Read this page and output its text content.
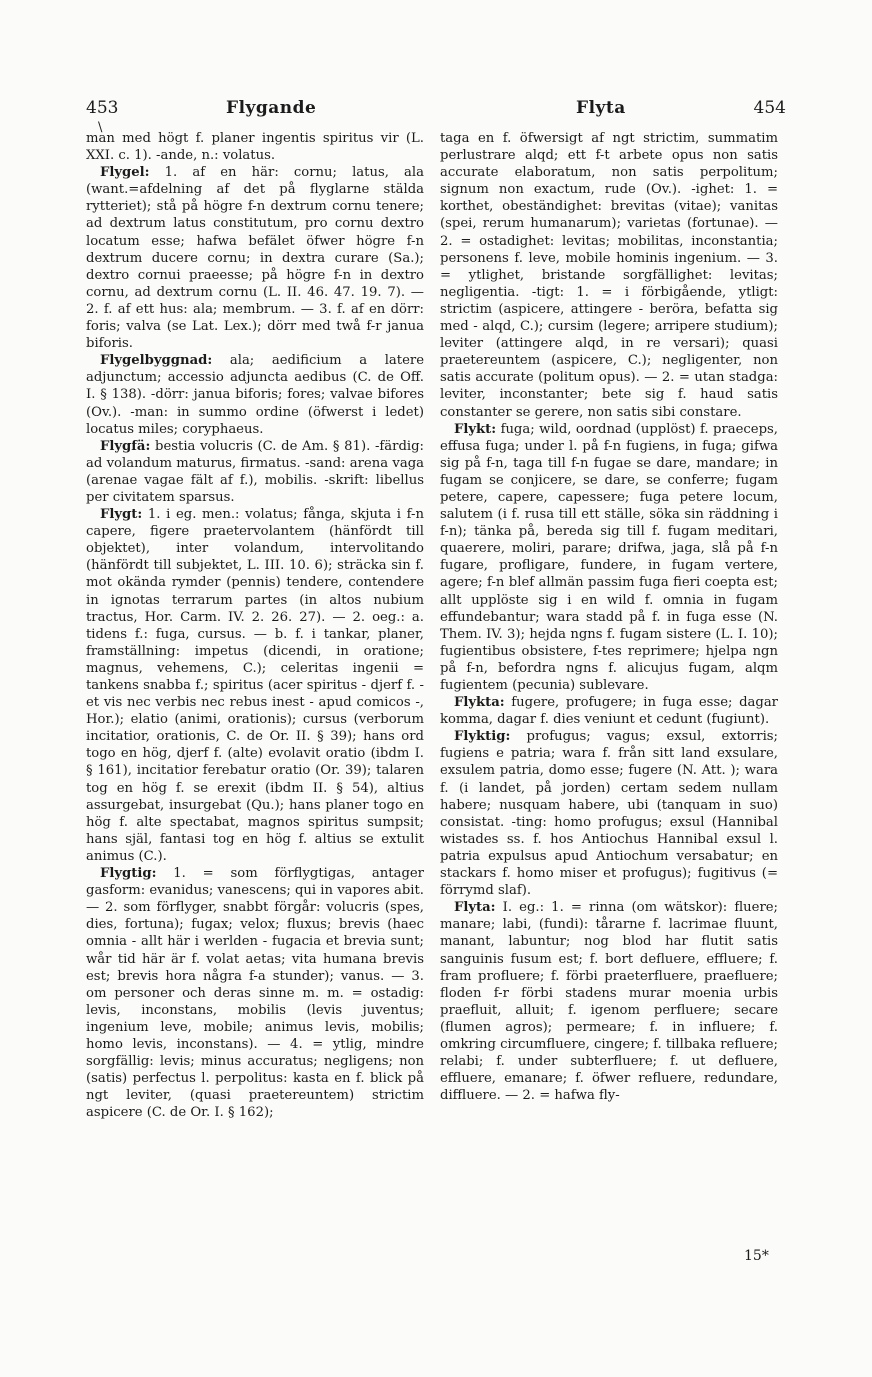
453	Flygande	Flyta	454
\

man med högt f. planer ingentis spiritus vir (L. XXI. c. 1). -ande, n.: volatus.

Flygel: 1. af en här: cornu; latus, ala (want.=afdelning af det på flyglarne stälda rytteriet); stå på högre f-n dextrum cornu tenere; ad dextrum latus constitutum, pro cornu dextro locatum esse; hafwa befälet öfwer högre f-n dextrum ducere cornu; in dextra curare (Sa.); dextro cornui praeesse; på högre f-n in dextro cornu, ad dextrum cornu (L. II. 46. 47. 19. 7). — 2. f. af ett hus: ala; membrum. — 3. f. af en dörr: foris; valva (se Lat. Lex.); dörr med twå f-r janua biforis.

Flygelbyggnad: ala; aedificium a latere adjunctum; accessio adjuncta aedibus (C. de Off. I. § 138). -dörr: janua biforis; fores; valvae bifores (Ov.). -man: in summo ordine (öfwerst i ledet) locatus miles; coryphaeus.

Flygfä: bestia volucris (C. de Am. § 81). -färdig: ad volandum maturus, firmatus. -sand: arena vaga (arenae vagae fält af f.), mobilis. -skrift: libellus per civitatem sparsus.

Flygt: 1. i eg. men.: volatus; fånga, skjuta i f-n capere, figere praetervolantem (hänfördt till objektet), inter volandum, intervolitando (hänfördt till subjektet, L. III. 10. 6); sträcka sin f. mot okända rymder (pennis) tendere, contendere in ignotas terrarum partes (in altos nubium tractus, Hor. Carm. IV. 2. 26. 27). — 2. oeg.: a. tidens f.: fuga, cursus. — b. f. i tankar, planer, framställning: impetus (dicendi, in oratione; magnus, vehemens, C.); celeritas ingenii = tankens snabba f.; spiritus (acer spiritus - djerf f. - et vis nec verbis nec rebus inest - apud comicos -, Hor.); elatio (animi, orationis); cursus (verborum incitatior, orationis, C. de Or. II. § 39); hans ord togo en hög, djerf f. (alte) evolavit oratio (ibdm I. § 161), incitatior ferebatur oratio (Or. 39); talaren tog en hög f. se erexit (ibdm II. § 54), altius assurgebat, insurgebat (Qu.); hans planer togo en hög f. alte spectabat, magnos spiritus sumpsit; hans själ, fantasi tog en hög f. altius se extulit animus (C.).

Flygtig: 1. = som förflygtigas, antager gasform: evanidus; vanescens; qui in vapores abit. — 2. som förflyger, snabbt förgår: volucris (spes, dies, fortuna); fugax; velox; fluxus; brevis (haec omnia - allt här i werlden - fugacia et brevia sunt; wår tid här är f. volat aetas; vita humana brevis est; brevis hora några f-a stunder); vanus. — 3. om personer och deras sinne m. m. = ostadig: levis, inconstans, mobilis (levis juventus; ingenium leve, mobile; animus levis, mobilis; homo levis, inconstans). — 4. = ytlig, mindre sorgfällig: levis; minus accuratus; negligens; non (satis) perfectus l. perpolitus: kasta en f. blick på ngt leviter, (quasi praetereuntem) strictim aspicere (C. de Or. I. § 162);

taga en f. öfwersigt af ngt strictim, summatim perlustrare alqd; ett f-t arbete opus non satis accurate elaboratum, non satis perpolitum; signum non exactum, rude (Ov.). -ighet: 1. = korthet, obeständighet: brevitas (vitae); vanitas (spei, rerum humanarum); varietas (fortunae). — 2. = ostadighet: levitas; mobilitas, inconstantia; personens f. leve, mobile hominis ingenium. — 3. = ytlighet, bristande sorgfällighet: levitas; negligentia. -tigt: 1. = i förbigående, ytligt: strictim (aspicere, attingere - beröra, befatta sig med - alqd, C.); cursim (legere; arripere studium); leviter (attingere alqd, in re versari); quasi praetereuntem (aspicere, C.); negligenter, non satis accurate (politum opus). — 2. = utan stadga: leviter, inconstanter; bete sig f. haud satis constanter se gerere, non satis sibi constare.

Flykt: fuga; wild, oordnad (upplöst) f. praeceps, effusa fuga; under l. på f-n fugiens, in fuga; gifwa sig på f-n, taga till f-n fugae se dare, mandare; in fugam se conjicere, se dare, se conferre; fugam petere, capere, capessere; fuga petere locum, salutem (i f. rusa till ett ställe, söka sin räddning i f-n); tänka på, bereda sig till f. fugam meditari, quaerere, moliri, parare; drifwa, jaga, slå på f-n fugare, profligare, fundere, in fugam vertere, agere; f-n blef allmän passim fuga fieri coepta est; allt upplöste sig i en wild f. omnia in fugam effundebantur; wara stadd på f. in fuga esse (N. Them. IV. 3); hejda ngns f. fugam sistere (L. I. 10); fugientibus obsistere, f-tes reprimere; hjelpa ngn på f-n, befordra ngns f. alicujus fugam, alqm fugientem (pecunia) sublevare.

Flykta: fugere, profugere; in fuga esse; dagar komma, dagar f. dies veniunt et cedunt (fugiunt).

Flyktig: profugus; vagus; exsul, extorris; fugiens e patria; wara f. från sitt land exsulare, exsulem patria, domo esse; fugere (N. Att. ); wara f. (i landet, på jorden) certam sedem nullam habere; nusquam habere, ubi (tanquam in suo) consistat. -ting: homo profugus; exsul (Hannibal wistades ss. f. hos Antiochus Hannibal exsul l. patria expulsus apud Antiochum versabatur; en stackars f. homo miser et profugus); fugitivus (= förrymd slaf).

Flyta: I. eg.: 1. = rinna (om wätskor): fluere; manare; labi, (fundi): tårarne f. lacrimae fluunt, manant, labuntur; nog blod har flutit satis sanguinis fusum est; f. bort defluere, effluere; f. fram profluere; f. förbi praeterfluere, praefluere; floden f-r förbi stadens murar moenia urbis praefluit, alluit; f. igenom perfluere; secare (flumen agros); permeare; f. in influere; f. omkring circumfluere, cingere; f. tillbaka refluere; relabi; f. under subterfluere; f. ut defluere, effluere, emanare; f. öfwer refluere, redundare, diffluere. — 2. = hafwa fly-

15*
